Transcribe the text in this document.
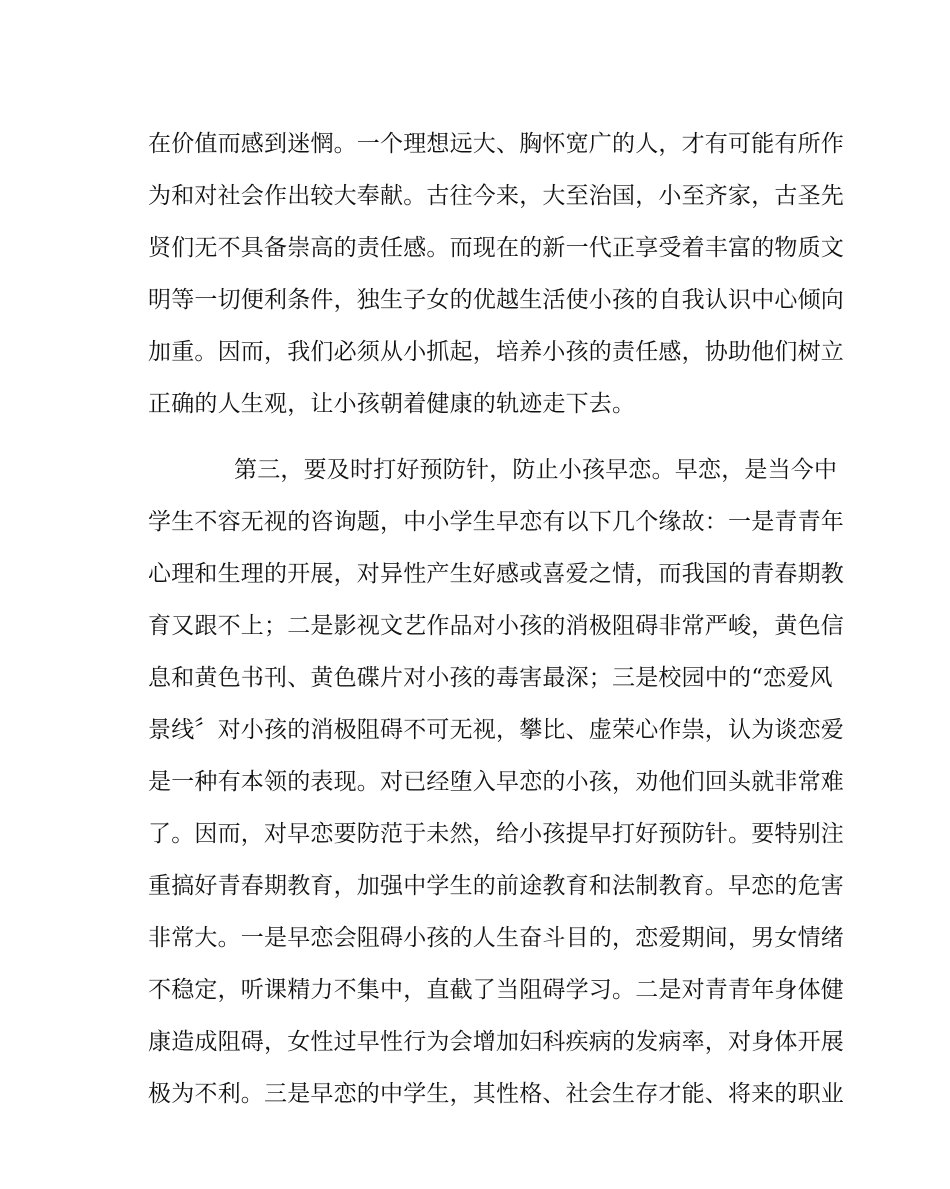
在价值而感到迷惘。一个理想远大、胸怀宽广的人，才有可能有所作
为和对社会作出较大奉献。古往今来，大至治国，小至齐家，古圣先
贤们无不具备崇高的责任感。而现在的新一代正享受着丰富的物质文
明等一切便利条件，独生子女的优越生活使小孩的自我认识中心倾向
加重。因而，我们必须从小抓起，培养小孩的责任感，协助他们树立
正确的人生观，让小孩朝着健康的轨迹走下去。
第三，要及时打好预防针，防止小孩早恋。早恋，是当今中
学生不容无视的咨询题，中小学生早恋有以下几个缘故：一是青青年
心理和生理的开展，对异性产生好感或喜爱之情，而我国的青春期教
育又跟不上；二是影视文艺作品对小孩的消极阻碍非常严峻，黄色信
息和黄色书刊、黄色碟片对小孩的毒害最深；三是校园中的“恋爱风
景线〞对小孩的消极阻碍不可无视，攀比、虚荣心作祟，认为谈恋爱
是一种有本领的表现。对已经堕入早恋的小孩，劝他们回头就非常难
了。因而，对早恋要防范于未然，给小孩提早打好预防针。要特别注
重搞好青春期教育，加强中学生的前途教育和法制教育。早恋的危害
非常大。一是早恋会阻碍小孩的人生奋斗目的，恋爱期间，男女情绪
不稳定，听课精力不集中，直截了当阻碍学习。二是对青青年身体健
康造成阻碍，女性过早性行为会增加妇科疾病的发病率，对身体开展
极为不利。三是早恋的中学生，其性格、社会生存才能、将来的职业
